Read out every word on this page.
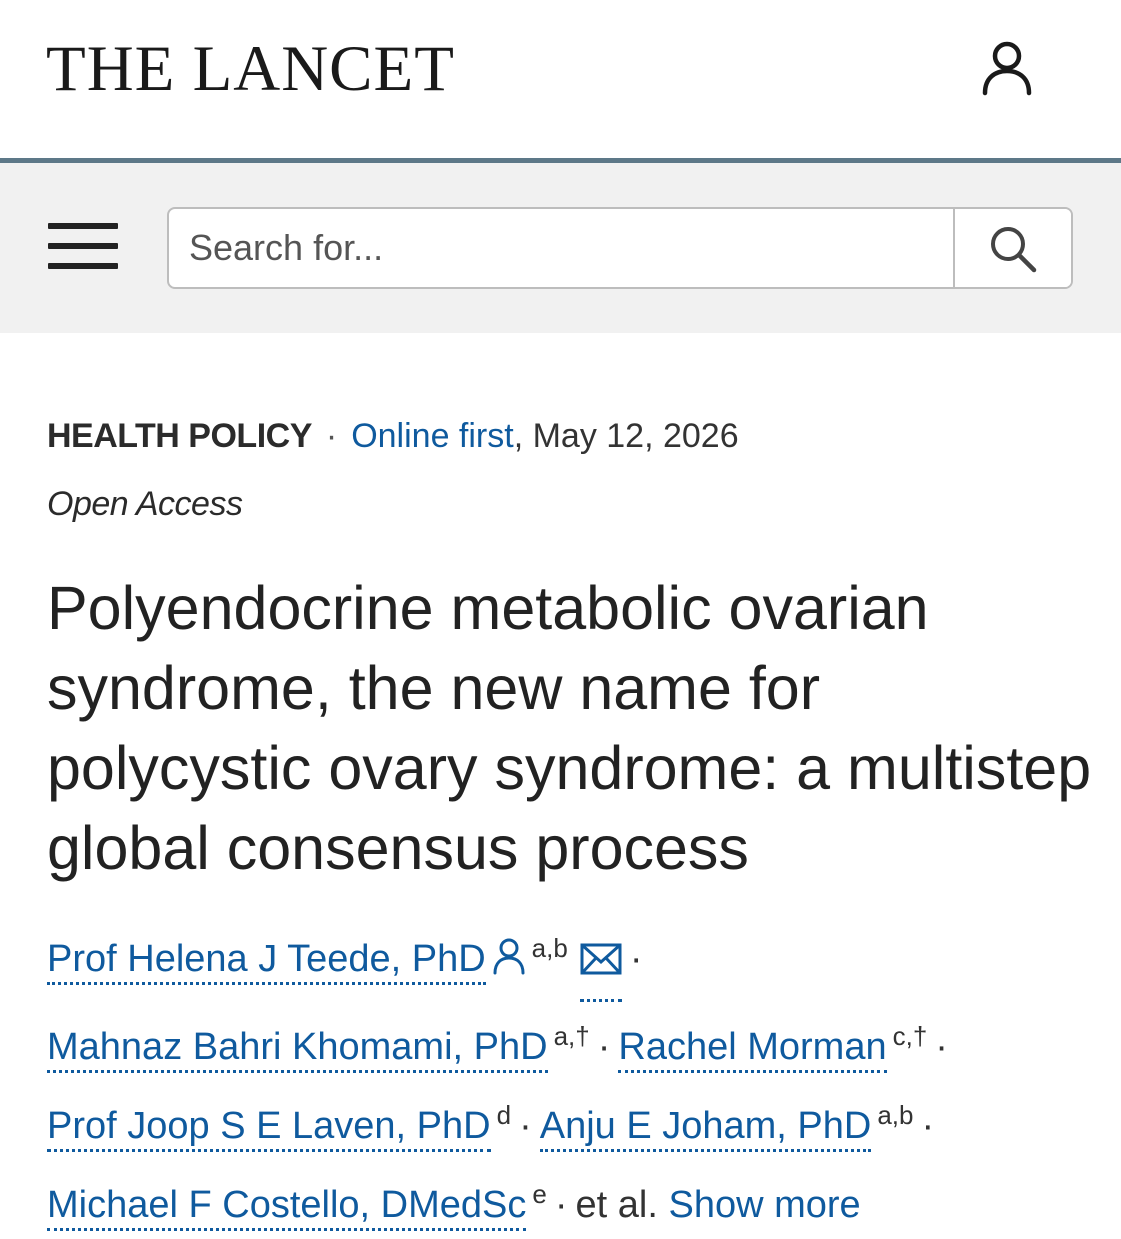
THE LANCET
Search for...
HEALTH POLICY · Online first, May 12, 2026
Open Access
Polyendocrine metabolic ovarian syndrome, the new name for polycystic ovary syndrome: a multistep global consensus process
Prof Helena J Teede, PhD $^{a,b}$ ·
Mahnaz Bahri Khomami, PhD $^{a,\dagger}$ · Rachel Morman $^{c,\dagger}$ ·
Prof Joop S E Laven, PhD $^d$ · Anju E Joham, PhD $^{a,b}$ ·
Michael F Costello, DMedSc $^e$ · et al. Show more
